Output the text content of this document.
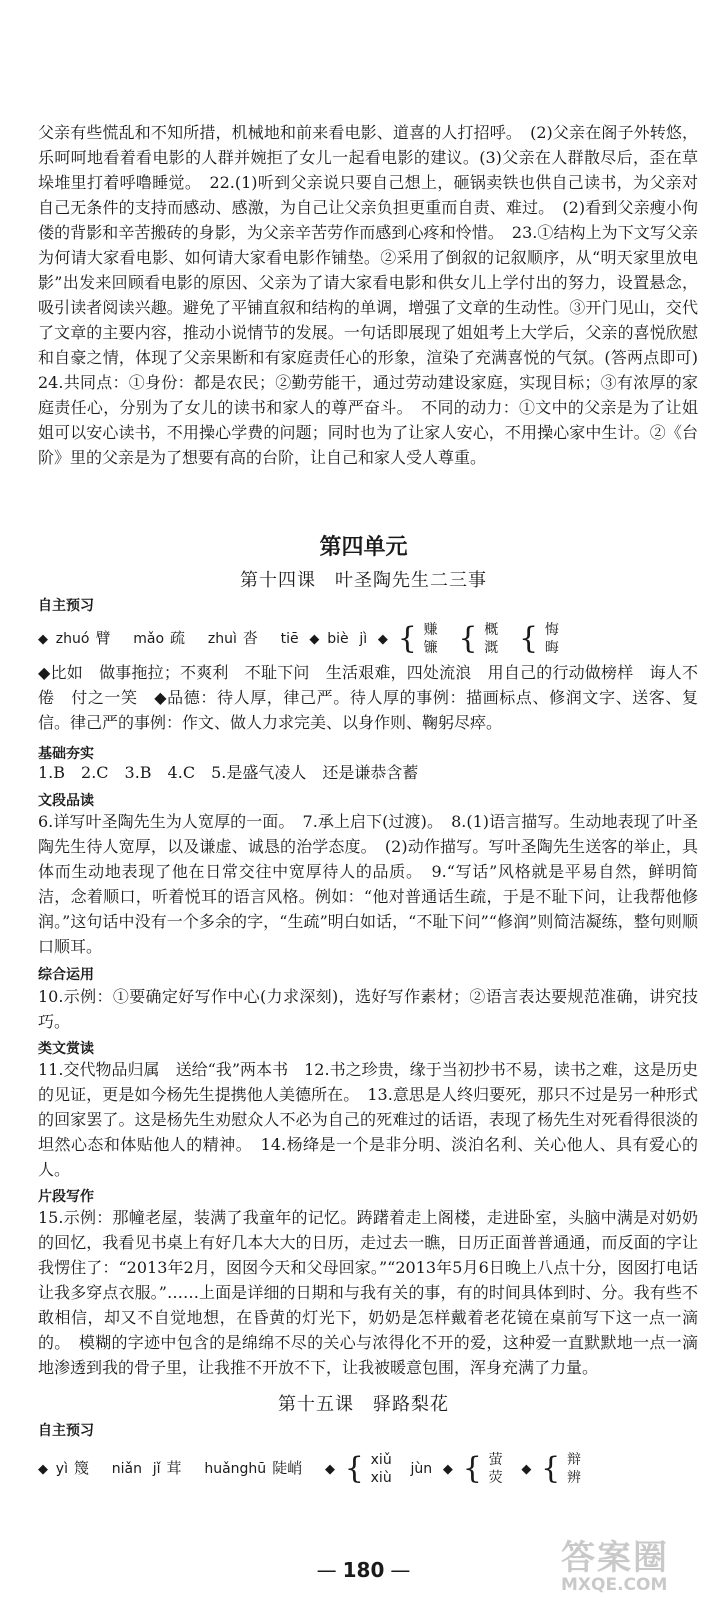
父亲有些慌乱和不知所措，机械地和前来看电影、道喜的人打招呼。　(2)父亲在阁子外转悠，乐呵呵地看着看电影的人群并婉拒了女儿一起看电影的建议。(3)父亲在人群散尽后，歪在草垛堆里打着呼噜睡觉。　22.(1)听到父亲说只要自己想上，砸锅卖铁也供自己读书，为父亲对自己无条件的支持而感动、感激，为自己让父亲负担更重而自责、难过。　(2)看到父亲瘦小佝偻的背影和辛苦搬砖的身影，为父亲辛苦劳作而感到心疼和怜惜。　23.①结构上为下文写父亲为何请大家看电影、如何请大家看电影作铺垫。②采用了倒叙的记叙顺序，从“明天家里放电影”出发来回顾看电影的原因、父亲为了请大家看电影和供女儿上学付出的努力，设置悬念，吸引读者阅读兴趣。避免了平铺直叙和结构的单调，增强了文章的生动性。③开门见山，交代了文章的主要内容，推动小说情节的发展。一句话即展现了姐姐考上大学后，父亲的喜悦欣慰和自豪之情，体现了父亲果断和有家庭责任心的形象，渲染了充满喜悦的气氛。(答两点即可)　24.共同点：①身份：都是农民；②勤劳能干，通过劳动建设家庭，实现目标；③有浓厚的家庭责任心，分别为了女儿的读书和家人的尊严奋斗。　不同的动力：①文中的父亲是为了让姐姐可以安心读书，不用操心学费的问题；同时也为了让家人安心，不用操心家中生计。②《台阶》里的父亲是为了想要有高的台阶，让自己和家人受人尊重。

第四单元
第十四课　叶圣陶先生二三事
自主预习
◆ zhuó 臂 mǎo 疏 zhuì 沓 tiē ◆ biè jì ◆ { 赚
镰 { 概
溉 { 悔
晦

◆比如　做事拖拉；不爽利　不耻下问　生活艰难，四处流浪　用自己的行动做榜样　诲人不倦　付之一笑　◆品德：待人厚，律己严。待人厚的事例：描画标点、修润文字、送客、复信。律己严的事例：作文、做人力求完美、以身作则、鞠躬尽瘁。

基础夯实

1.B　2.C　3.B　4.C　5.是盛气凌人　还是谦恭含蓄

文段品读

6.详写叶圣陶先生为人宽厚的一面。　7.承上启下(过渡)。　8.(1)语言描写。生动地表现了叶圣陶先生待人宽厚，以及谦虚、诚恳的治学态度。　(2)动作描写。写叶圣陶先生送客的举止，具体而生动地表现了他在日常交往中宽厚待人的品质。　9.“写话”风格就是平易自然，鲜明简洁，念着顺口，听着悦耳的语言风格。例如：“他对普通话生疏，于是不耻下问，让我帮他修润。”这句话中没有一个多余的字，“生疏”明白如话，“不耻下问”“修润”则简洁凝练，整句则顺口顺耳。

综合运用

10.示例：①要确定好写作中心(力求深刻)，选好写作素材；②语言表达要规范准确，讲究技巧。

类文赏读

11.交代物品归属　送给“我”两本书　12.书之珍贵，缘于当初抄书不易，读书之难，这是历史的见证，更是如今杨先生提携他人美德所在。　13.意思是人终归要死，那只不过是另一种形式的回家罢了。这是杨先生劝慰众人不必为自己的死难过的话语，表现了杨先生对死看得很淡的坦然心态和体贴他人的精神。　14.杨绛是一个是非分明、淡泊名利、关心他人、具有爱心的人。

片段写作

15.示例：那幢老屋，装满了我童年的记忆。踌躇着走上阁楼，走进卧室，头脑中满是对奶奶的回忆，我看见书桌上有好几本大大的日历，走过去一瞧，日历正面普普通通，而反面的字让我愣住了：“2013年2月，囡囡今天和父母回家。”“2013年5月6日晚上八点十分，囡囡打电话让我多穿点衣服。”……上面是详细的日期和与我有关的事，有的时间具体到时、分。我有些不敢相信，却又不自觉地想，在昏黄的灯光下，奶奶是怎样戴着老花镜在桌前写下这一点一滴的。　模糊的字迹中包含的是绵绵不尽的关心与浓得化不开的爱，这种爱一直默默地一点一滴地渗透到我的骨子里，让我推不开放不下，让我被暖意包围，浑身充满了力量。

第十五课　驿路梨花
自主预习
◆ yì 篾 niǎn jǐ 茸 huǎnghū 陡峭 ◆ { xiǔ
xiù
jùn ◆ { 萤
荧
◆ { 辩
辨
— 180 —	答案圈
MXQE.COM
